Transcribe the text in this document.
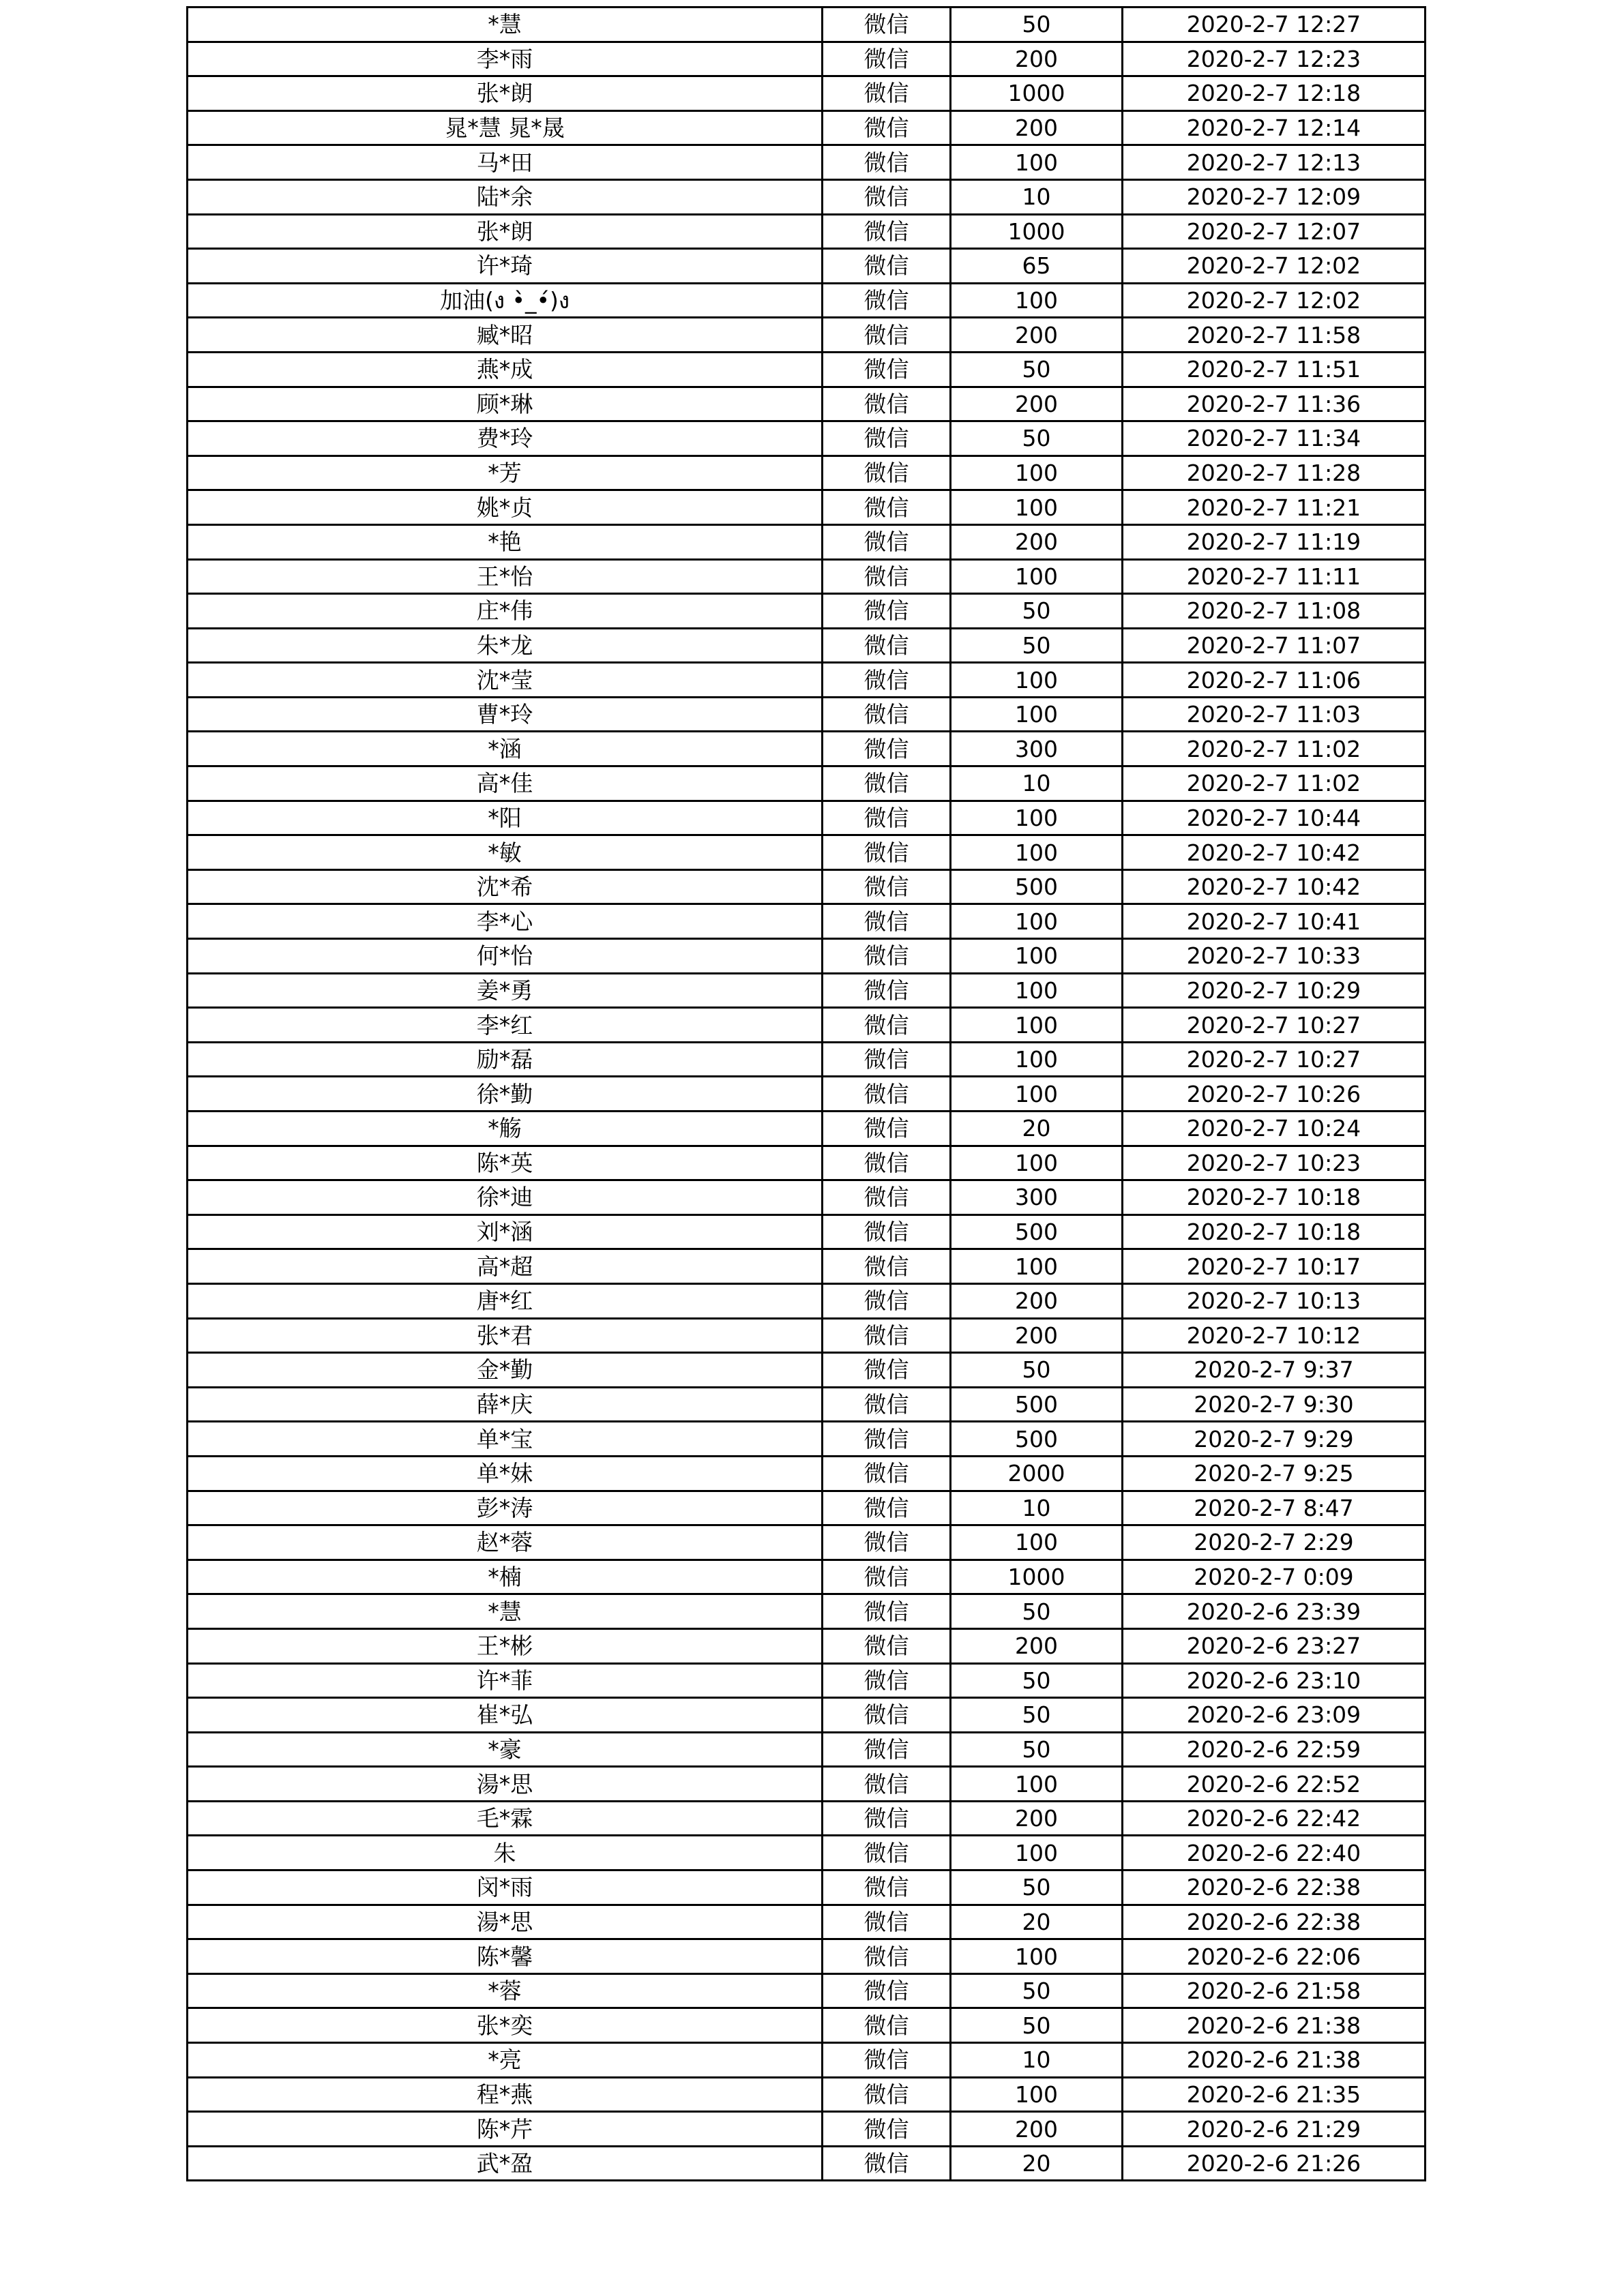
*慧	微信	50	2020-2-7 12:27
李*雨	微信	200	2020-2-7 12:23
张*朗	微信	1000	2020-2-7 12:18
晁*慧 晁*晟	微信	200	2020-2-7 12:14
马*田	微信	100	2020-2-7 12:13
陆*余	微信	10	2020-2-7 12:09
张*朗	微信	1000	2020-2-7 12:07
许*琦	微信	65	2020-2-7 12:02
加油(ง •̀_•́)ง	微信	100	2020-2-7 12:02
臧*昭	微信	200	2020-2-7 11:58
燕*成	微信	50	2020-2-7 11:51
顾*琳	微信	200	2020-2-7 11:36
费*玲	微信	50	2020-2-7 11:34
*芳	微信	100	2020-2-7 11:28
姚*贞	微信	100	2020-2-7 11:21
*艳	微信	200	2020-2-7 11:19
王*怡	微信	100	2020-2-7 11:11
庄*伟	微信	50	2020-2-7 11:08
朱*龙	微信	50	2020-2-7 11:07
沈*莹	微信	100	2020-2-7 11:06
曹*玲	微信	100	2020-2-7 11:03
*涵	微信	300	2020-2-7 11:02
高*佳	微信	10	2020-2-7 11:02
*阳	微信	100	2020-2-7 10:44
*敏	微信	100	2020-2-7 10:42
沈*希	微信	500	2020-2-7 10:42
李*心	微信	100	2020-2-7 10:41
何*怡	微信	100	2020-2-7 10:33
姜*勇	微信	100	2020-2-7 10:29
李*红	微信	100	2020-2-7 10:27
励*磊	微信	100	2020-2-7 10:27
徐*勤	微信	100	2020-2-7 10:26
*觞	微信	20	2020-2-7 10:24
陈*英	微信	100	2020-2-7 10:23
徐*迪	微信	300	2020-2-7 10:18
刘*涵	微信	500	2020-2-7 10:18
高*超	微信	100	2020-2-7 10:17
唐*红	微信	200	2020-2-7 10:13
张*君	微信	200	2020-2-7 10:12
金*勤	微信	50	2020-2-7 9:37
薛*庆	微信	500	2020-2-7 9:30
单*宝	微信	500	2020-2-7 9:29
单*妹	微信	2000	2020-2-7 9:25
彭*涛	微信	10	2020-2-7 8:47
赵*蓉	微信	100	2020-2-7 2:29
*楠	微信	1000	2020-2-7 0:09
*慧	微信	50	2020-2-6 23:39
王*彬	微信	200	2020-2-6 23:27
许*菲	微信	50	2020-2-6 23:10
崔*弘	微信	50	2020-2-6 23:09
*豪	微信	50	2020-2-6 22:59
湯*思	微信	100	2020-2-6 22:52
毛*霖	微信	200	2020-2-6 22:42
朱	微信	100	2020-2-6 22:40
闵*雨	微信	50	2020-2-6 22:38
湯*思	微信	20	2020-2-6 22:38
陈*馨	微信	100	2020-2-6 22:06
*蓉	微信	50	2020-2-6 21:58
张*奕	微信	50	2020-2-6 21:38
*亮	微信	10	2020-2-6 21:38
程*燕	微信	100	2020-2-6 21:35
陈*芹	微信	200	2020-2-6 21:29
武*盈	微信	20	2020-2-6 21:26
